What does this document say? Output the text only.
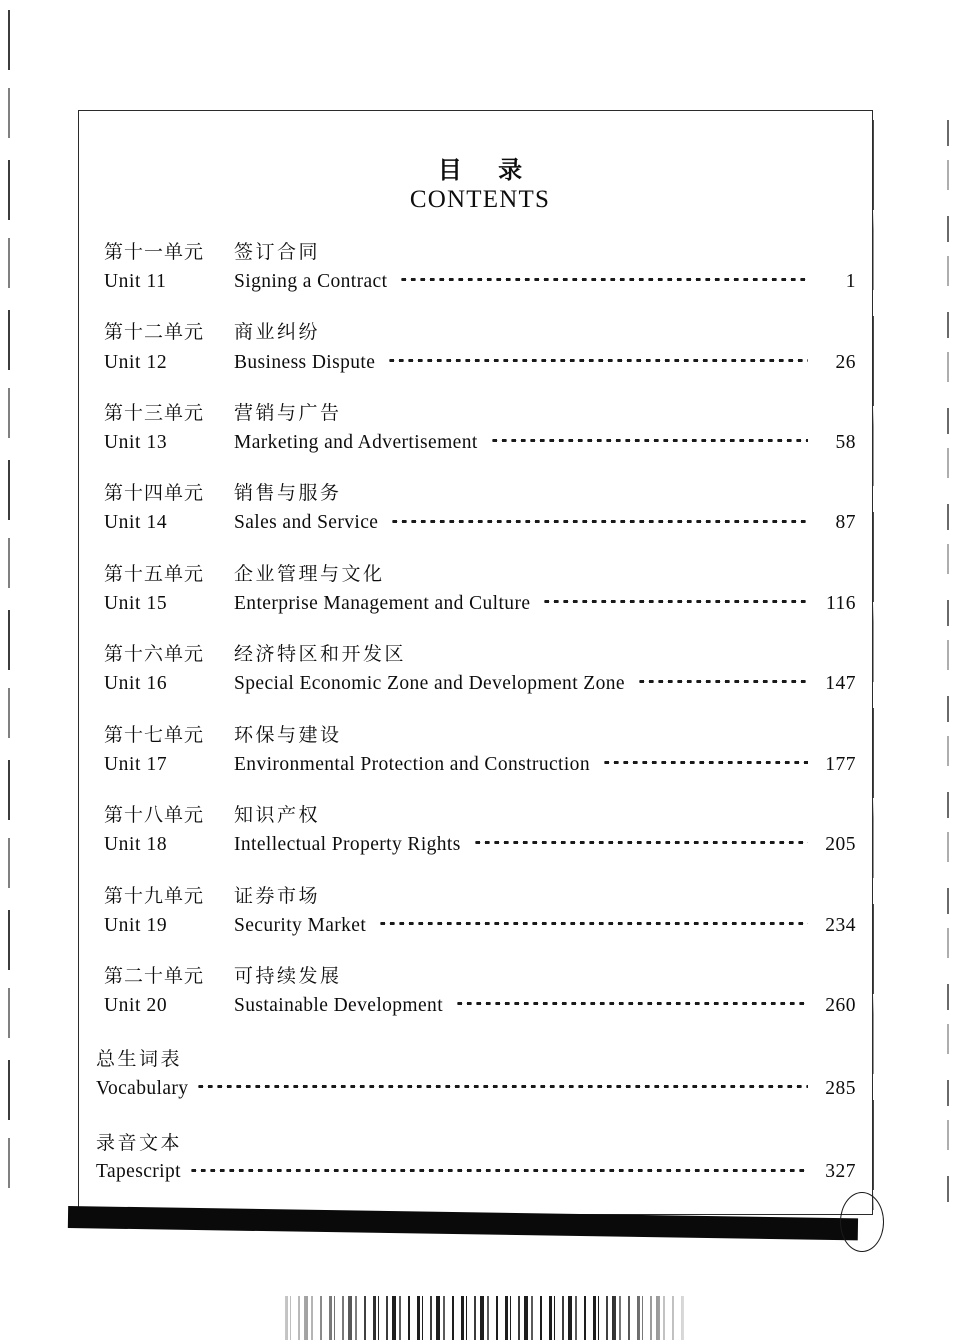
目 录
CONTENTS
第十一单元	签订合同
Unit 11	Signing a Contract	1
第十二单元	商业纠纷
Unit 12	Business Dispute	26
第十三单元	营销与广告
Unit 13	Marketing and Advertisement	58
第十四单元	销售与服务
Unit 14	Sales and Service	87
第十五单元	企业管理与文化
Unit 15	Enterprise Management and Culture	116
第十六单元	经济特区和开发区
Unit 16	Special Economic Zone and Development Zone	147
第十七单元	环保与建设
Unit 17	Environmental Protection and Construction	177
第十八单元	知识产权
Unit 18	Intellectual Property Rights	205
第十九单元	证券市场
Unit 19	Security Market	234
第二十单元	可持续发展
Unit 20	Sustainable Development	260
总生词表
Vocabulary	285
录音文本
Tapescript	327
